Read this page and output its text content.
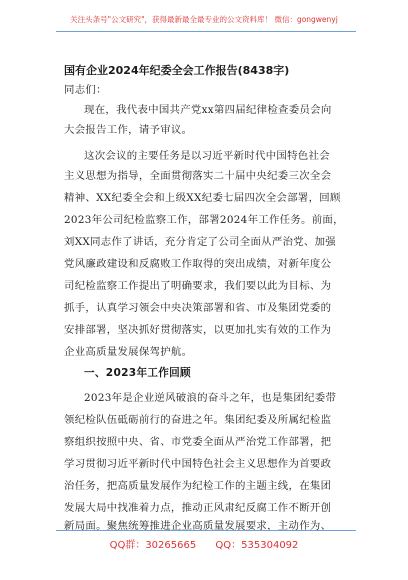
关注头条号"公文研究"，获得最新最全最专业的公文资料库！ 微信：gongwenyj
国有企业2024年纪委全会工作报告(8438字)
同志们：
现在，我代表中国共产党xx第四届纪律检查委员会向
大会报告工作，请予审议。
这次会议的主要任务是以习近平新时代中国特色社会
主义思想为指导，全面贯彻落实二十届中央纪委三次全会
精神、XX纪委全会和上级XX纪委七届四次全会部署，回顾
2023年公司纪检监察工作，部署2024年工作任务。前面，
刘XX同志作了讲话，充分肯定了公司全面从严治党、加强
党风廉政建设和反腐败工作取得的突出成绩，对新年度公
司纪检监察工作提出了明确要求，我们要以此为目标、为
抓手，认真学习领会中央决策部署和省、市及集团党委的
安排部署，坚决抓好贯彻落实，以更加扎实有效的工作为
企业高质量发展保驾护航。
一、2023年工作回顾
2023年是企业逆风破浪的奋斗之年，也是集团纪委带
领纪检队伍砥砺前行的奋进之年。集团纪委及所属纪检监
察组织按照中央、省、市党委全面从严治党工作部署，把
学习贯彻习近平新时代中国特色社会主义思想作为首要政
治任务，把高质量发展作为纪检工作的主题主线，在集团
发展大局中找准着力点，推动正风肃纪反腐工作不断开创
新局面。聚焦统筹推进企业高质量发展要求，主动作为、
QQ群：30265665 QQ：535304092
